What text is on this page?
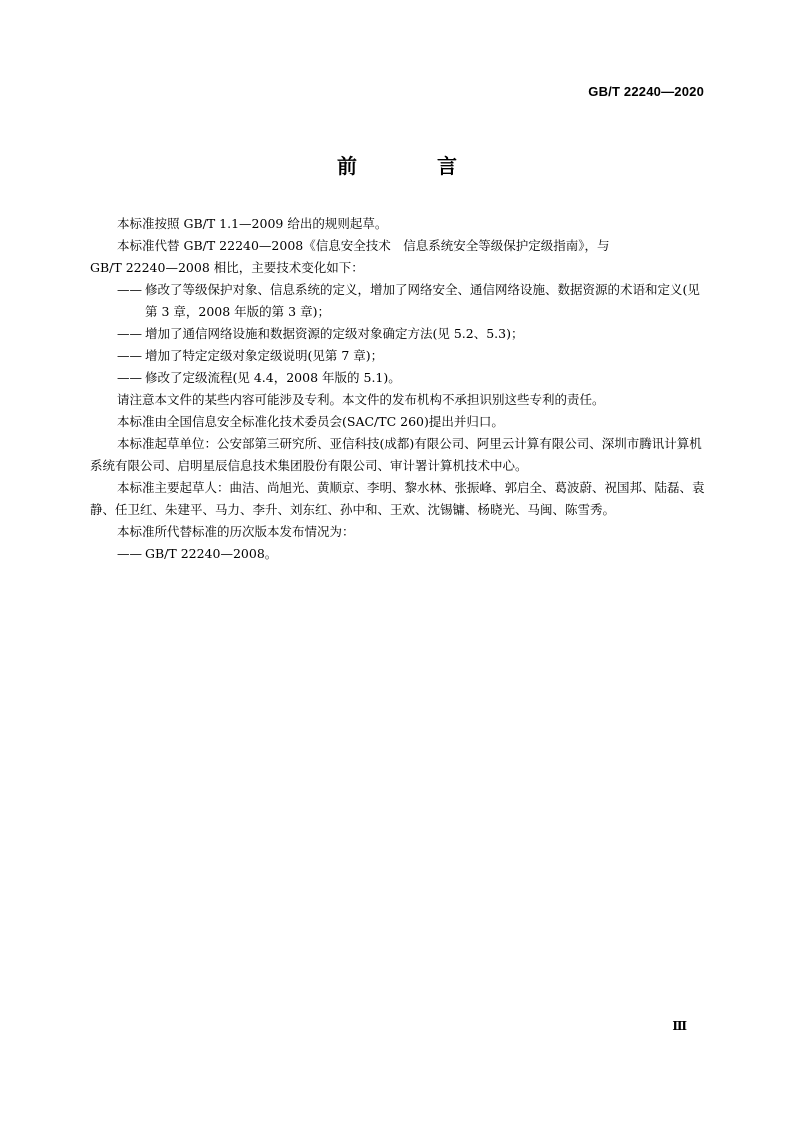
GB/T 22240—2020
前　言

本标准按照 GB/T 1.1—2009 给出的规则起草。

本标准代替 GB/T 22240—2008《信息安全技术　信息系统安全等级保护定级指南》，与

GB/T 22240—2008 相比，主要技术变化如下：

—— 修改了等级保护对象、信息系统的定义，增加了网络安全、通信网络设施、数据资源的术语和定义(见第 3 章，2008 年版的第 3 章)；

—— 增加了通信网络设施和数据资源的定级对象确定方法(见 5.2、5.3)；

—— 增加了特定定级对象定级说明(见第 7 章)；

—— 修改了定级流程(见 4.4，2008 年版的 5.1)。

请注意本文件的某些内容可能涉及专利。本文件的发布机构不承担识别这些专利的责任。

本标准由全国信息安全标准化技术委员会(SAC/TC 260)提出并归口。

本标准起草单位：公安部第三研究所、亚信科技(成都)有限公司、阿里云计算有限公司、深圳市腾讯计算机系统有限公司、启明星辰信息技术集团股份有限公司、审计署计算机技术中心。

本标准主要起草人：曲洁、尚旭光、黄顺京、李明、黎水林、张振峰、郭启全、葛波蔚、祝国邦、陆磊、袁静、任卫红、朱建平、马力、李升、刘东红、孙中和、王欢、沈锡镛、杨晓光、马闽、陈雪秀。

本标准所代替标准的历次版本发布情况为：

—— GB/T 22240—2008。

Ⅲ
